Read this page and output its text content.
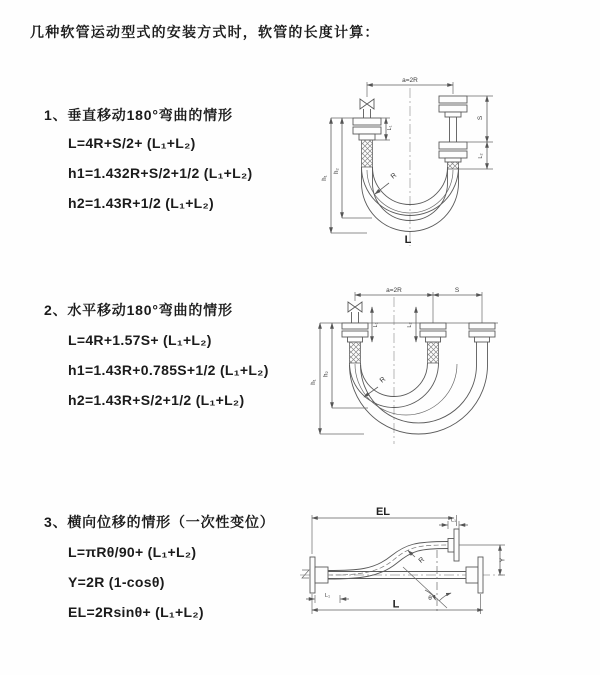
几种软管运动型式的安装方式时，软管的长度计算：
1、垂直移动180°弯曲的情形
L=4R+S/2+ (L₁+L₂)
h1=1.432R+S/2+1/2 (L₁+L₂)
h2=1.43R+1/2 (L₁+L₂)
a=2R
h₁
h₂
L₁
S
L₂
R
L
2、水平移动180°弯曲的情形
L=4R+1.57S+ (L₁+L₂)
h1=1.43R+0.785S+1/2 (L₁+L₂)
h2=1.43R+S/2+1/2 (L₁+L₂)
a=2R	S
h₁
h₂
L₁	L₂
R
3、横向位移的情形（一次性变位）
L=πRθ/90+ (L₁+L₂)
Y=2R (1-cosθ)
EL=2Rsinθ+ (L₁+L₂)
EL
L₁
Y
θ
R
L
L₁
